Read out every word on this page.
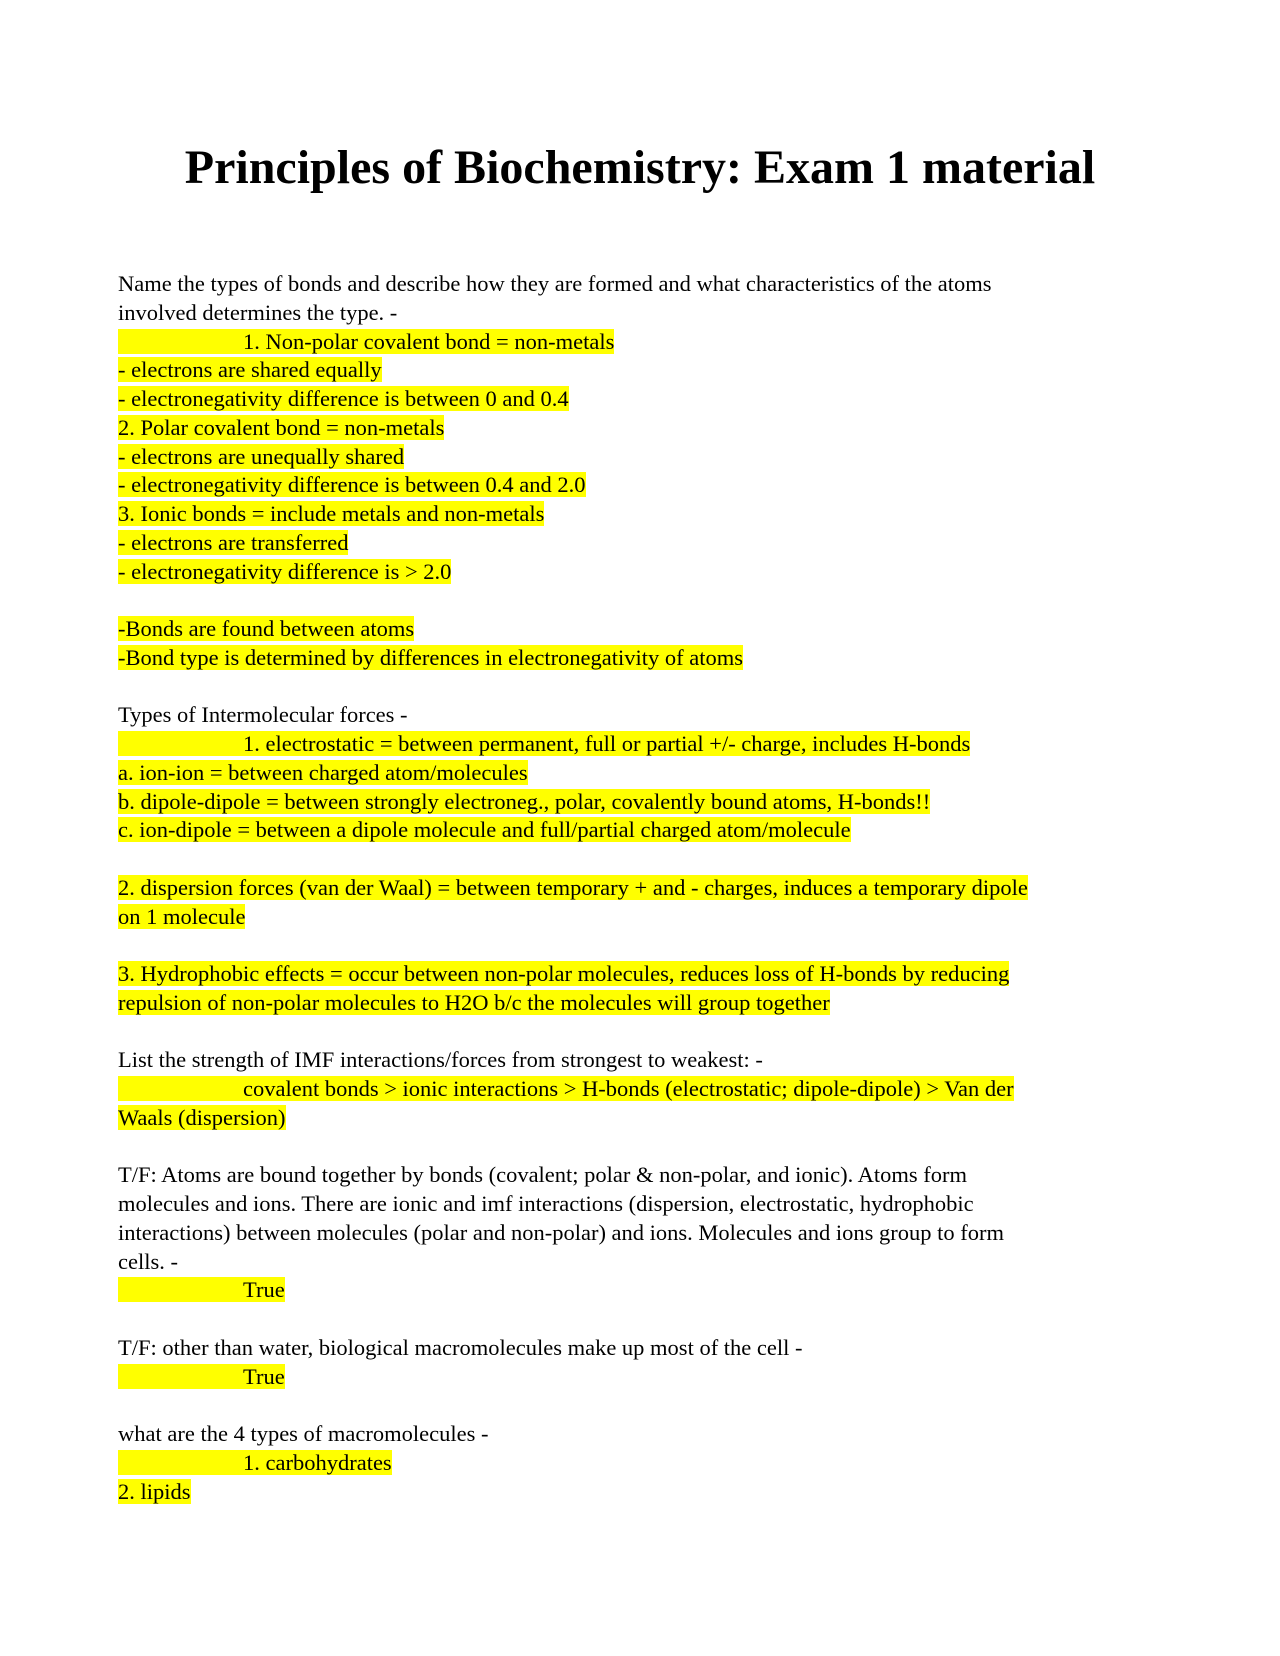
Principles of Biochemistry: Exam 1 material
Name the types of bonds and describe how they are formed and what characteristics of the atoms
involved determines the type. -
1. Non-polar covalent bond = non-metals
- electrons are shared equally
- electronegativity difference is between 0 and 0.4
2. Polar covalent bond = non-metals
- electrons are unequally shared
- electronegativity difference is between 0.4 and 2.0
3. Ionic bonds = include metals and non-metals
- electrons are transferred
- electronegativity difference is > 2.0
-Bonds are found between atoms
-Bond type is determined by differences in electronegativity of atoms
Types of Intermolecular forces -
1. electrostatic = between permanent, full or partial +/- charge, includes H-bonds
a. ion-ion = between charged atom/molecules
b. dipole-dipole = between strongly electroneg., polar, covalently bound atoms, H-bonds!!
c. ion-dipole = between a dipole molecule and full/partial charged atom/molecule
2. dispersion forces (van der Waal) = between temporary + and - charges, induces a temporary dipole
on 1 molecule
3. Hydrophobic effects = occur between non-polar molecules, reduces loss of H-bonds by reducing
repulsion of non-polar molecules to H2O b/c the molecules will group together
List the strength of IMF interactions/forces from strongest to weakest: -
covalent bonds > ionic interactions > H-bonds (electrostatic; dipole-dipole) > Van der
Waals (dispersion)
T/F: Atoms are bound together by bonds (covalent; polar & non-polar, and ionic). Atoms form
molecules and ions. There are ionic and imf interactions (dispersion, electrostatic, hydrophobic
interactions) between molecules (polar and non-polar) and ions. Molecules and ions group to form
cells. -
True
T/F: other than water, biological macromolecules make up most of the cell -
True
what are the 4 types of macromolecules -
1. carbohydrates
2. lipids
